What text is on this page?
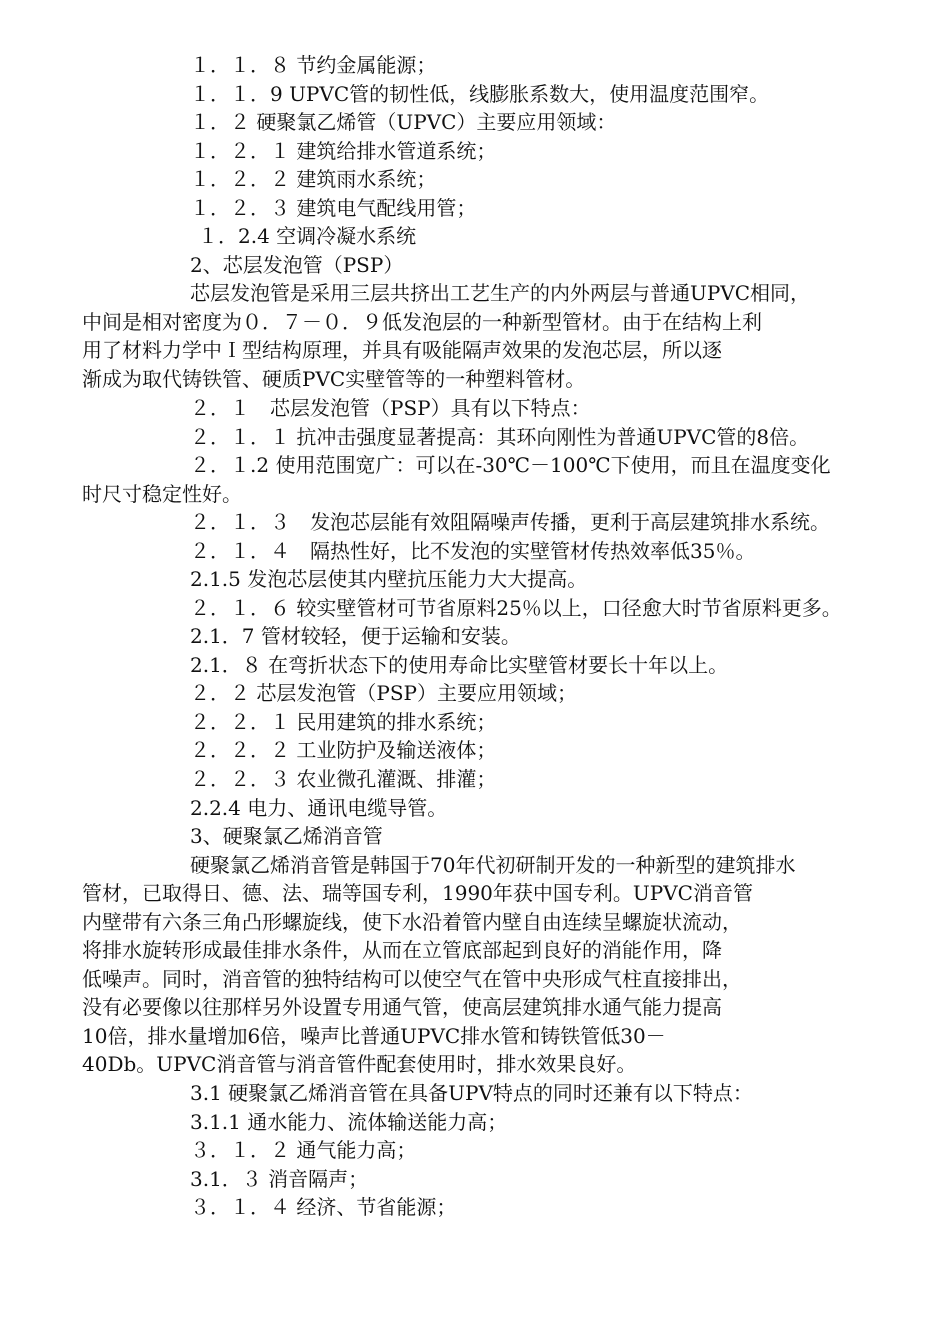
１．１．８ 节约金属能源；
１．１．9 UPVC管的韧性低，线膨胀系数大，使用温度范围窄。
１．２ 硬聚氯乙烯管（UPVC）主要应用领域：
１．２．１ 建筑给排水管道系统；
１．２．２ 建筑雨水系统；
１．２．３ 建筑电气配线用管；
１．2.4 空调冷凝水系统
2、芯层发泡管（PSP）
芯层发泡管是采用三层共挤出工艺生产的内外两层与普通UPVC相同，
中间是相对密度为０．７－０．９低发泡层的一种新型管材。由于在结构上利
用了材料力学中Ｉ型结构原理，并具有吸能隔声效果的发泡芯层，所以逐
渐成为取代铸铁管、硬质PVC实壁管等的一种塑料管材。
２．１　芯层发泡管（PSP）具有以下特点：
２．１．１ 抗冲击强度显著提高：其环向刚性为普通UPVC管的8倍。
２．１.2 使用范围宽广：可以在-30℃－100℃下使用，而且在温度变化
时尺寸稳定性好。
２．１．３　发泡芯层能有效阻隔噪声传播，更利于高层建筑排水系统。
２．１．４　隔热性好，比不发泡的实壁管材传热效率低35％。
2.1.5 发泡芯层使其内壁抗压能力大大提高。
２．１．６ 较实壁管材可节省原料25％以上，口径愈大时节省原料更多。
2.1．7 管材较轻，便于运输和安装。
2.1．８ 在弯折状态下的使用寿命比实壁管材要长十年以上。
２．２ 芯层发泡管（PSP）主要应用领域；
２．２．１ 民用建筑的排水系统；
２．２．２ 工业防护及输送液体；
２．２．３ 农业微孔灌溉、排灌；
2.2.4 电力、通讯电缆导管。
3、硬聚氯乙烯消音管
硬聚氯乙烯消音管是韩国于70年代初研制开发的一种新型的建筑排水
管材，已取得日、德、法、瑞等国专利，1990年获中国专利。UPVC消音管
内壁带有六条三角凸形螺旋线，使下水沿着管内壁自由连续呈螺旋状流动，
将排水旋转形成最佳排水条件，从而在立管底部起到良好的消能作用，降
低噪声。同时，消音管的独特结构可以使空气在管中央形成气柱直接排出，
没有必要像以往那样另外设置专用通气管，使高层建筑排水通气能力提高
10倍，排水量增加6倍，噪声比普通UPVC排水管和铸铁管低30－
40Db。UPVC消音管与消音管件配套使用时，排水效果良好。
3.1 硬聚氯乙烯消音管在具备UPV特点的同时还兼有以下特点：
3.1.1 通水能力、流体输送能力高；
３．１．２ 通气能力高；
3.1．３ 消音隔声；
３．１．４ 经济、节省能源；
